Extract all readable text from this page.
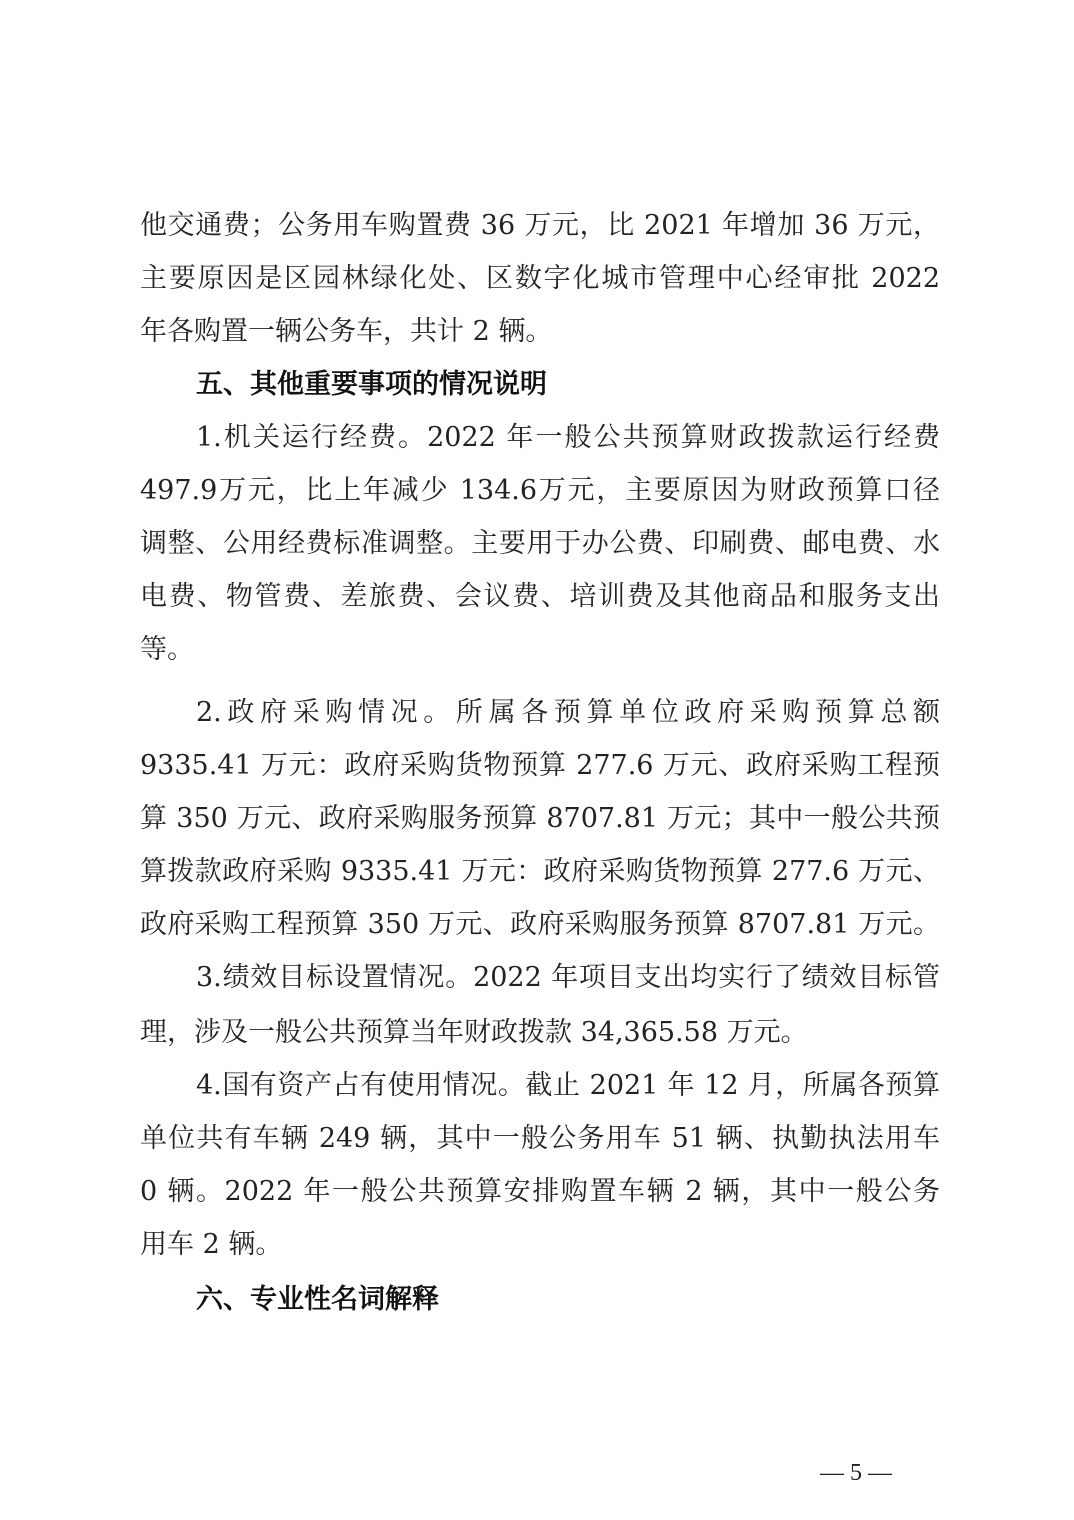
他交通费；公务用车购置费 36 万元，比 2021 年增加 36 万元，
主要原因是区园林绿化处、区数字化城市管理中心经审批 2022
年各购置一辆公务车，共计 2 辆。
五、其他重要事项的情况说明
1.机关运行经费。2022 年一般公共预算财政拨款运行经费
497.9万元，比上年减少 134.6万元，主要原因为财政预算口径
调整、公用经费标准调整。主要用于办公费、印刷费、邮电费、水
电费、物管费、差旅费、会议费、培训费及其他商品和服务支出
等。
2.政府采购情况。所属各预算单位政府采购预算总额
9335.41 万元：政府采购货物预算 277.6 万元、政府采购工程预
算 350 万元、政府采购服务预算 8707.81 万元；其中一般公共预
算拨款政府采购 9335.41 万元：政府采购货物预算 277.6 万元、
政府采购工程预算 350 万元、政府采购服务预算 8707.81 万元。
3.绩效目标设置情况。2022 年项目支出均实行了绩效目标管
理，涉及一般公共预算当年财政拨款 34,365.58 万元。
4.国有资产占有使用情况。截止 2021 年 12 月，所属各预算
单位共有车辆 249 辆，其中一般公务用车 51 辆、执勤执法用车
0 辆。2022 年一般公共预算安排购置车辆 2 辆，其中一般公务
用车 2 辆。
六、专业性名词解释
— 5 —
